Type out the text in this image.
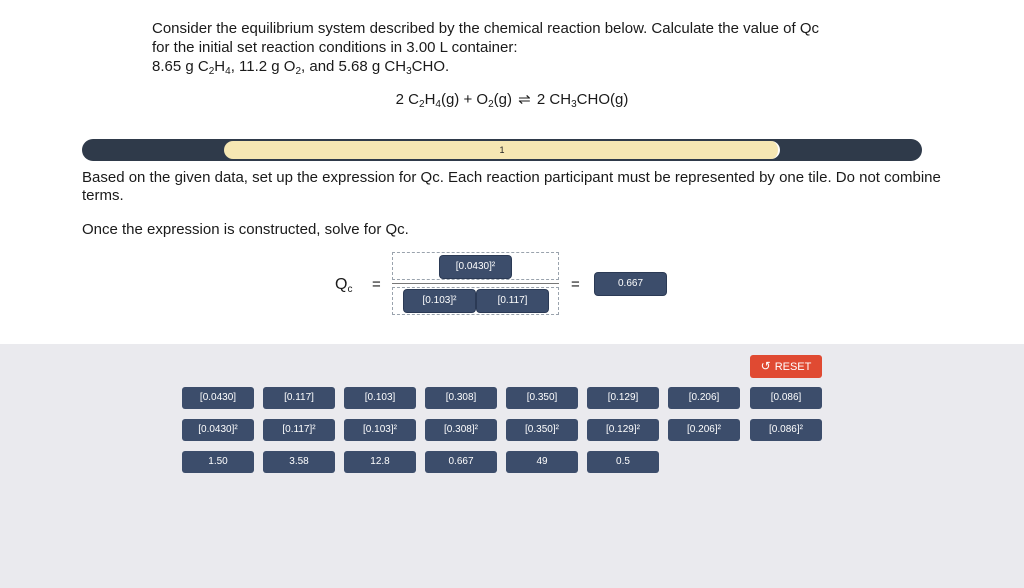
Consider the equilibrium system described by the chemical reaction below. Calculate the value of Qc

for the initial set reaction conditions in 3.00 L container:

8.65 g $C_2H_4$, 11.2 g $O_2$, and 5.68 g $CH_3CHO$.

2 $C_2H_4(g) + O_2(g)$ ⇌ 2 $CH_3CHO(g)$
1
Based on the given data, set up the expression for Qc. Each reaction participant must be represented by one tile. Do not combine terms.
Once the expression is constructed, solve for Qc.
$Q_c$ =
[0.0430]²
[0.103]²	[0.117]
=	0.667
↺ RESET
[0.0430]	[0.117]	[0.103]	[0.308]	[0.350]	[0.129]	[0.206]	[0.086]
[0.0430]²	[0.117]²	[0.103]²	[0.308]²	[0.350]²	[0.129]²	[0.206]²	[0.086]²
1.50	3.58	12.8	0.667	49	0.5
